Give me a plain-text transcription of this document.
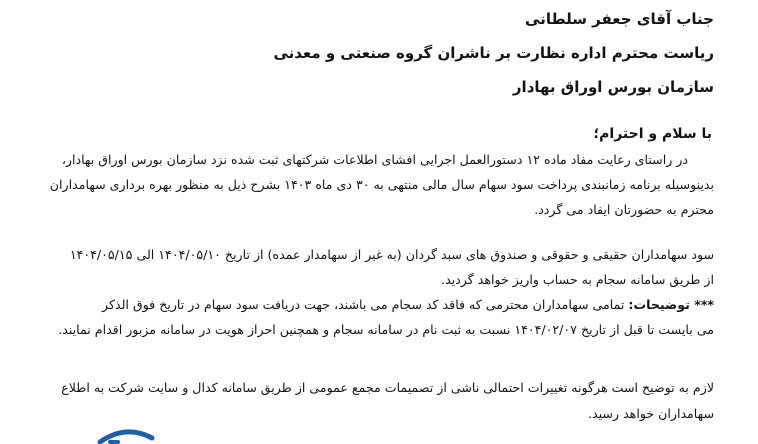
جناب آقای جعفر سلطانی
ریاست محترم اداره نظارت بر ناشران گروه صنعتی و معدنی
سازمان بورس اوراق بهادار
با سلام و احترام؛
در راستای رعایت مفاد ماده ۱۲ دستورالعمل اجرایی افشای اطلاعات شرکتهای ثبت شده نزد سازمان بورس اوراق بهادار،
بدینوسیله برنامه زمانبندی پرداخت سود سهام سال مالی منتهی به ۳۰ دی ماه ۱۴۰۳ بشرح ذیل به منظور بهره برداری سهامداران
محترم به حضورتان ایفاد می گردد.
سود سهامداران حقیقی و حقوقی و صندوق های سبد گردان (به غیر از سهامدار عمده) از تاریخ ۱۴۰۴/۰۵/۱۰ الی ۱۴۰۴/۰۵/۱۵
از طریق سامانه سجام به حساب واریز خواهد گردید.
*** توضیحات: تمامی سهامداران محترمی که فاقد کد سجام می باشند، جهت دریافت سود سهام در تاریخ فوق الذکر
می بایست تا قبل از تاریخ ۱۴۰۴/۰۲/۰۷ نسبت به ثبت نام در سامانه سجام و همچنین احراز هویت در سامانه مزبور اقدام نمایند.
لازم به توضیح است هرگونه تغییرات احتمالی ناشی از تصمیمات مجمع عمومی از طریق سامانه کدال و سایت شرکت به اطلاع
سهامداران خواهد رسید.
